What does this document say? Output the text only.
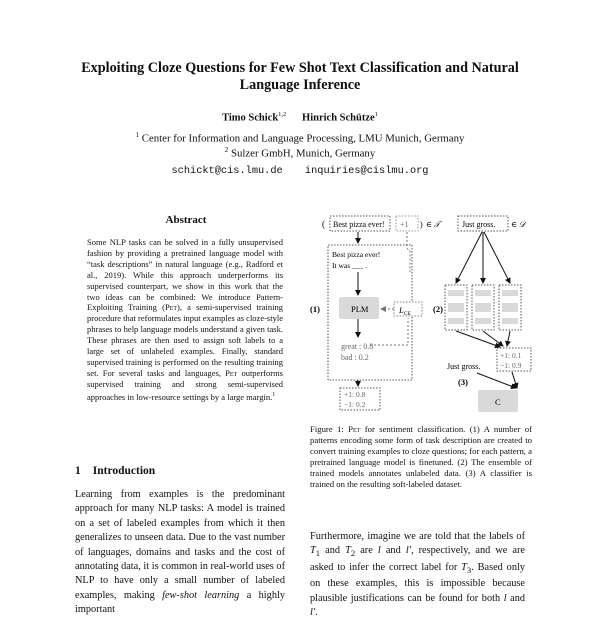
Exploiting Cloze Questions for Few Shot Text Classification and Natural Language Inference
Timo Schick$^{1,2}$ Hinrich Schütze$^1$
$^1$ Center for Information and Language Processing, LMU Munich, Germany
$^2$ Sulzer GmbH, Munich, Germany
schickt@cis.lmu.de inquiries@cislmu.org
Abstract
Some NLP tasks can be solved in a fully unsupervised fashion by providing a pretrained language model with “task descriptions” in natural language (e.g., Radford et al., 2019). While this approach underperforms its supervised counterpart, we show in this work that the two ideas can be combined: We introduce Pattern-Exploiting Training (Pet), a semi-supervised training procedure that reformulates input examples as cloze-style phrases to help language models understand a given task. These phrases are then used to assign soft labels to a large set of unlabeled examples. Finally, standard supervised training is performed on the resulting training set. For several tasks and languages, Pet outperforms supervised training and strong semi-supervised approaches in low-resource settings by a large margin.$^1$
1 Introduction
Learning from examples is the predominant approach for many NLP tasks: A model is trained on a set of labeled examples from which it then generalizes to unseen data. Due to the vast number of languages, domains and tasks and the cost of annotating data, it is common in real-world uses of NLP to have only a small number of labeled examples, making few-shot learning a highly important
( Best pizza ever! +1 ) ∈ 𝒯
Best pizza ever!
It was ___ .
PLM
great : 0.8
bad : 0.2
L CE
(1)
+1: 0.8
−1: 0.2
Just gross. ∈ 𝒟
(2)
+1: 0.1
−1: 0.9
Just gross.
(3)
C
Figure 1: Pet for sentiment classification. (1) A number of patterns encoding some form of task description are created to convert training examples to cloze questions; for each pattern, a pretrained language model is finetuned. (2) The ensemble of trained models annotates unlabeled data. (3) A classifier is trained on the resulting soft-labeled dataset.
Furthermore, imagine we are told that the labels of $T_1$ and $T_2$ are l and l′, respectively, and we are asked to infer the correct label for $T_3$. Based only on these examples, this is impossible because plausible justifications can be found for both l and l′.
